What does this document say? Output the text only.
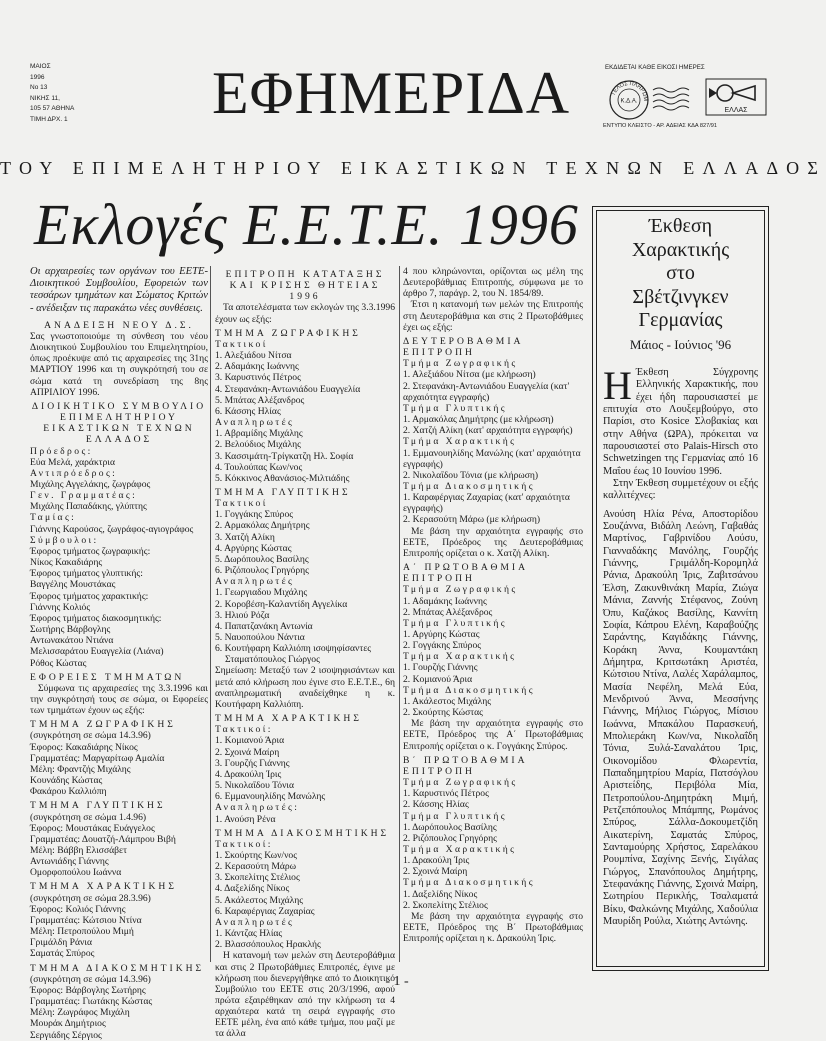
ΜΑΙΟΣ
1996
No 13
ΝΙΚΗΣ 11,
105 57 ΑΘΗΝΑ
ΤΙΜΗ ΔΡΧ. 1 ΕΦΗΜΕΡΙΔΑ	ΕΚΔΙΔΕΤΑΙ ΚΑΘΕ ΕΙΚΟΣΙ ΗΜΕΡΕΣ
ΤΕΛΟΣ ΠΛΗΡΩΜ
Κ.Δ.Α.
ΕΛΛΑΣ
ΕΝΤΥΠΟ ΚΛΕΙΣΤΟ - ΑΡ. ΑΔΕΙΑΣ ΚΔΑ 827/91
ΤΟΥ ΕΠΙΜΕΛΗΤΗΡΙΟΥ ΕΙΚΑΣΤΙΚΩΝ ΤΕΧΝΩΝ ΕΛΛΑΔΟΣ
Εκλογές Ε.Ε.Τ.Ε. 1996

Οι αρχαιρεσίες των οργάνων του ΕΕΤΕ-Διοικητικού Συμβουλίου, Εφορειών των τεσσάρων τμημάτων και Σώματος Κριτών - ανέδειξαν τις παρακάτω νέες συνθέσεις.

ΑΝΑΔΕΙΞΗ ΝΕΟΥ Δ.Σ.

Σας γνωστοποιούμε τη σύνθεση του νέου Διοικητικού Συμβουλίου του Επιμελητηρίου, όπως προέκυψε από τις αρχαιρεσίες της 31ης ΜΑΡΤΙΟΥ 1996 και τη συγκρότησή του σε σώμα κατά τη συνεδρίαση της 8ης ΑΠΡΙΛΙΟΥ 1996.

ΔΙΟΙΚΗΤΙΚΟ ΣΥΜΒΟΥΛΙΟ ΕΠΙΜΕΛΗΤΗΡΙΟΥ ΕΙΚΑΣΤΙΚΩΝ ΤΕΧΝΩΝ ΕΛΛΑΔΟΣ

Πρόεδρος:

Εύα Μελά, χαράκτρια

Αντιπρόεδρος:

Μιχάλης Αγγελάκης, ζωγράφος

Γεν. Γραμματέας:

Μιχάλης Παπαδάκης, γλύπτης

Ταμίας:

Γιάννης Καρούσος, ζωγράφος-αγιογράφος

Σύμβουλοι:

Έφορος τμήματος ζωγραφικής:

Νίκος Κακαδιάρης

Έφορος τμήματος γλυπτικής:

Βαγγέλης Μουστάκας

Έφορος τμήματος χαρακτικής:

Γιάννης Κολιός

Έφορος τμήματος διακοσμητικής:

Σωτήρης Βάρβογλης

Αντωνακάτου Ντιάνα

Μελισσαράτου Ευαγγελία (Λιάνα)

Ρόθος Κώστας

ΕΦΟΡΕΙΕΣ ΤΜΗΜΑΤΩΝ

Σύμφωνα τις αρχαιρεσίες της 3.3.1996 και την συγκρότησή τους σε σώμα, οι Εφορείες των τμημάτων έχουν ως εξής:

ΤΜΗΜΑ ΖΩΓΡΑΦΙΚΗΣ

(συγκρότηση σε σώμα 14.3.96)

Έφορος: Κακαδιάρης Νίκος

Γραμματέας: Μαργαρίτωφ Αμαλία

Μέλη: Φραντζής Μιχάλης

Κουνάδης Κώστας

Φακάρου Καλλιόπη

ΤΜΗΜΑ ΓΛΥΠΤΙΚΗΣ

(συγκρότηση σε σώμα 1.4.96)

Έφορος: Μουστάκας Ευάγγελος

Γραμματέας: Δουατζή-Λάμπρου Βιβή

Μέλη: Βάββη Ελισσάβετ

Αντωνιάδης Γιάννης

Ομορφοπούλου Ιωάννα

ΤΜΗΜΑ ΧΑΡΑΚΤΙΚΗΣ

(συγκρότηση σε σώμα 28.3.96)

Έφορος: Κολιός Γιάννης

Γραμματέας: Κώτσιου Ντίνα

Μέλη: Πετροπούλου Μιμή

Γριμάλδη Ράνια

Σαματάς Σπύρος

ΤΜΗΜΑ ΔΙΑΚΟΣΜΗΤΙΚΗΣ

(συγκρότηση σε σώμα 14.3.96)

Έφορος: Βάρβογλης Σωτήρης

Γραμματέας: Γιωτάκης Κώστας

Μέλη: Ζωγράφος Μιχάλη

Μουράκ Δημήτριος

Σεργιάδης Σέργιος

ΕΠΙΤΡΟΠΗ ΚΑΤΑΤΑΞΗΣ ΚΑΙ ΚΡΙΣΗΣ ΘΗΤΕΙΑΣ 1996

Τα αποτελέσματα των εκλογών της 3.3.1996 έχουν ως εξής:

ΤΜΗΜΑ ΖΩΓΡΑΦΙΚΗΣ

Τακτικοί

1. Αλεξιάδου Νίτσα

2. Αδαμάκης Ιωάννης

3. Καρυστινός Πέτρος

4. Στεφανάκη-Αντωνιάδου Ευαγγελία

5. Μπάτας Αλέξανδρος

6. Κάσσης Ηλίας

Αναπληρωτές

1. Αβραμίδης Μιχάλης

2. Βελούδιος Μιχάλης

3. Κασσιμάτη-Τρίγκατζη Ηλ. Σοφία

4. Τουλούπας Κων/νος

5. Κόκκινος Αθανάσιος-Μιλτιάδης

ΤΜΗΜΑ ΓΛΥΠΤΙΚΗΣ

Τακτικοί

1. Γογγάκης Σπύρος

2. Αρμακόλας Δημήτρης

3. Χατζή Αλίκη

4. Αργύρης Κώστας

5. Δωρόπουλος Βασίλης

6. Ριζόπουλος Γρηγόρης

Αναπληρωτές

1. Γεωργιαδου Μιχάλης

2. Κοροβέση-Καλαντίδη Αγγελίκα

3. Ηλιού Ρόζα

4. Παπατζανάκη Αντωνία

5. Ναυοπούλου Νάντια

6. Κουτήφαρη Καλλιόπη ισοψηφίσαντες

Σταματόπουλος Γιώργος

Σημείωση: Μεταξύ των 2 ισοψηφισάντων και μετά από κλήρωση που έγινε στο Ε.Ε.Τ.Ε., 6η αναπληρωματική αναδείχθηκε η κ. Κουτήφαρη Καλλιόπη.

ΤΜΗΜΑ ΧΑΡΑΚΤΙΚΗΣ

Τακτικοί:

1. Κομιανού Άρια

2. Σχοινά Μαίρη

3. Γουρζής Γιάννης

4. Δρακούλη Ίρις

5. Νικολαΐδου Τόνια

6. Εμμανουηλίδης Μανώλης

Αναπληρωτές:

1. Ανούση Ρένα

ΤΜΗΜΑ ΔΙΑΚΟΣΜΗΤΙΚΗΣ

Τακτικοί:

1. Σκούρτης Κων/νος

2. Κερασούτη Μάρω

3. Σκοπελίτης Στέλιος

4. Δαξελίδης Νίκος

5. Ακάλεστος Μιχάλης

6. Καραφέργιας Ζαχαρίας

Αναπληρωτές

1. Κάντζας Ηλίας

2. Βλασσόπουλος Ηρακλής

Η κατανομή των μελών στη Δευτεροβάθμια και στις 2 Πρωτοβάθμιες Επιτροπές, έγινε με κλήρωση που διενεργήθηκε από το Διοικητικό Συμβούλιο του ΕΕΤΕ στις 20/3/1996, αφού πρώτα εξαιρέθηκαν από την κλήρωση τα 4 αρχαιότερα κατά τη σειρά εγγραφής στο ΕΕΤΕ μέλη, ένα από κάθε τμήμα, που μαζί με τα άλλα

4 που κληρώνονται, ορίζονται ως μέλη της Δευτεροβάθμιας Επιτροπής, σύμφωνα με το άρθρο 7, παράγρ. 2, του Ν. 1854/89.

Έτσι η κατανομή των μελών της Επιτροπής στη Δευτεροβάθμια και στις 2 Πρωτοβάθμιες έχει ως εξής:

ΔΕΥΤΕΡΟΒΑΘΜΙΑ ΕΠΙΤΡΟΠΗ

Τμήμα Ζωγραφικής

1. Αλεξιάδου Νίτσα (με κλήρωση)

2. Στεφανάκη-Αντωνιάδου Ευαγγελία (κατ' αρχαιότητα εγγραφής)

Τμήμα Γλυπτικής

1. Αρμακόλας Δημήτρης (με κλήρωση)

2. Χατζή Αλίκη (κατ' αρχαιότητα εγγραφής)

Τμήμα Χαρακτικής

1. Εμμανουηλίδης Μανώλης (κατ' αρχαιότητα εγγραφής)

2. Νικολαΐδου Τόνια (με κλήρωση)

Τμήμα Διακοσμητικής

1. Καραφέργιας Ζαχαρίας (κατ' αρχαιότητα εγγραφής)

2. Κερασούτη Μάρω (με κλήρωση)

Με βάση την αρχαιότητα εγγραφής στο ΕΕΤΕ, Πρόεδρος της Δευτεροβάθμιας Επιτροπής ορίζεται ο κ. Χατζή Αλίκη.

Α΄ ΠΡΩΤΟΒΑΘΜΙΑ ΕΠΙΤΡΟΠΗ

Τμήμα Ζωγραφικής

1. Αδαμάκης Ιωάννης

2. Μπάτας Αλέξανδρος

Τμήμα Γλυπτικής

1. Αργύρης Κώστας

2. Γογγάκης Σπύρος

Τμήμα Χαρακτικής

1. Γουρζής Γιάννης

2. Κομιανού Άρια

Τμήμα Διακοσμητικής

1. Ακάλεστος Μιχάλης

2. Σκούρτης Κώστας

Με βάση την αρχαιότητα εγγραφής στο ΕΕΤΕ, Πρόεδρος της Α΄ Πρωτοβάθμιας Επιτροπής ορίζεται ο κ. Γογγάκης Σπύρος.

Β΄ ΠΡΩΤΟΒΑΘΜΙΑ ΕΠΙΤΡΟΠΗ

Τμήμα Ζωγραφικής

1. Καρυστινός Πέτρος

2. Κάσσης Ηλίας

Τμήμα Γλυπτικής

1. Δωρόπουλος Βασίλης

2. Ριζόπουλος Γρηγόρης

Τμήμα Χαρακτικής

1. Δρακούλη Ίρις

2. Σχοινά Μαίρη

Τμήμα Διακοσμητικής

1. Δαξελίδης Νίκος

2. Σκοπελίτης Στέλιος

Με βάση την αρχαιότητα εγγραφής στο ΕΕΤΕ, Πρόεδρος της Β΄ Πρωτοβάθμιας Επιτροπής ορίζεται η κ. Δρακούλη Ίρις.

Έκθεση
Χαρακτικής
στο
Σβέτζινγκεν
Γερμανίας
Μάιος - Ιούνιος '96

Η Έκθεση Σύγχρονης Ελληνικής Χαρακτικής, που έχει ήδη παρουσιαστεί με επιτυχία στο Λουξεμβούργο, στο Παρίσι, στο Kosice Σλοβακίας και στην Αθήνα (ΩΡΑ), πρόκειται να παρουσιαστεί στο Palais-Hirsch στο Schwetzingen της Γερμανίας από 16 Μαΐου έως 10 Ιουνίου 1996.

Στην Έκθεση συμμετέχουν οι εξής καλλιτέχνες:

Ανούση Ηλία Ρένα, Αποστορίδου Σουζάννα, Βιδάλη Λεώνη, Γαβαθάς Μαρτίνος, Γαβρινίδου Λούσυ, Γιανναδάκης Μανόλης, Γουρζής Γιάννης, Γριμάλδη-Κορομηλά Ράνια, Δρακούλη Ίρις, Ζαβιτσάνου Έλση, Ζακυνθινάκη Μαρία, Ζιώγα Μάνια, Ζαννής Στέφανος, Ζούνη Όπυ, Καζάκος Βασίλης, Καννίτη Σοφία, Κάπρου Ελένη, Καραβούζης Σαράντης, Καγιδάκης Γιάννης, Κοράκη Άννα, Κουμαντάκη Δήμητρα, Κριτσωτάκη Αριστέα, Κώτσιου Ντίνα, Λαλές Χαράλαμπος, Μασία Νεφέλη, Μελά Εύα, Μενδρινού Άννα, Μεσσήνης Γιάννης, Μήλιος Γιώργος, Μίσιου Ιωάννα, Μπακάλου Παρασκευή, Μπολιεράκη Κων/να, Νικολαΐδη Τόνια, Ξυλά-Σαναλάτου Ίρις, Οικονομίδου Φλωρεντία, Παπαδημητρίου Μαρία, Πατσόγλου Αριστείδης, Περιβόλα Μία, Πετροπούλου-Δημητράκη Μιμή, Ρετζεπόπουλος Μπάμπης, Ρωμάνος Σπύρος, Σάλλα-Δοκουμετζίδη Αικατερίνη, Σαματάς Σπύρος, Σανταμούρης Χρήστος, Σαρελάκου Ρουμπίνα, Σαχίνης Ξενής, Σιγάλας Γιώργος, Σπανόπουλος Δημήτρης, Στεφανάκης Γιάννης, Σχοινά Μαίρη, Σωτηρίου Περικλής, Τσαλαματά Βίκυ, Φαλκώνης Μιχάλης, Χαδούλια Μαυρίδη Ρούλα, Χιώτης Αντώνης.

- 1 -
